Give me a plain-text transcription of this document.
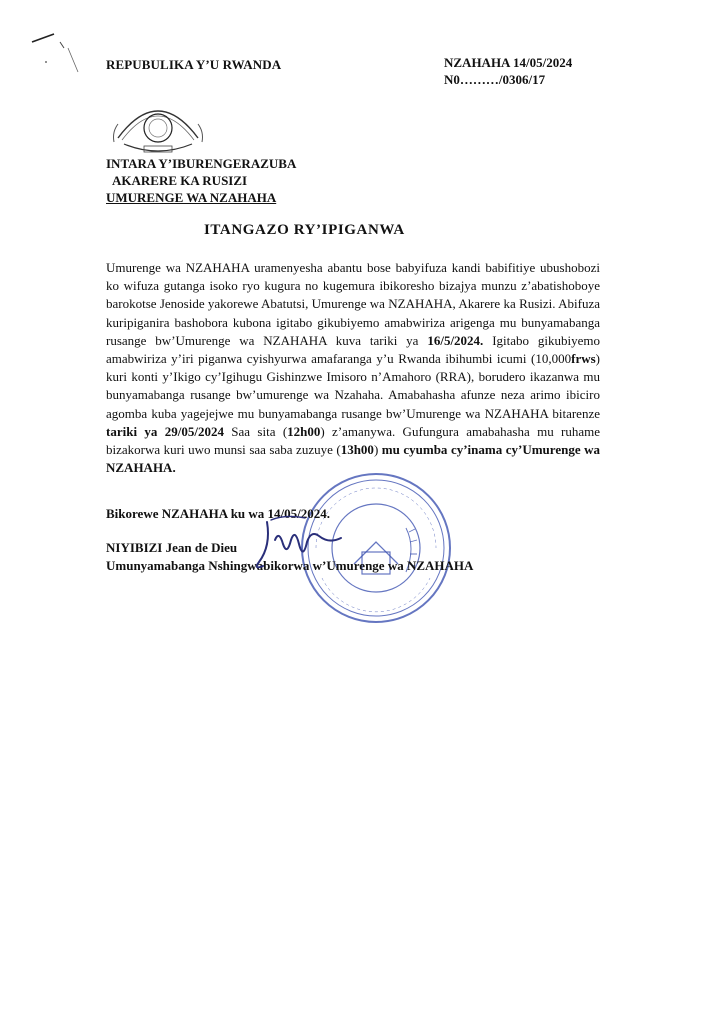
REPUBULIKA Y’U RWANDA	NZAHAHA 14/05/2024
N0………/0306/17
INTARA Y’IBURENGERAZUBA
AKARERE KA RUSIZI
UMURENGE WA NZAHAHA
ITANGAZO RY’IPIGANWA
Umurenge wa NZAHAHA uramenyesha abantu bose babyifuza kandi babifitiye ubushobozi ko wifuza gutanga isoko ryo kugura no kugemura ibikoresho bizajya munzu z’abatishoboye barokotse Jenoside yakorewe Abatutsi, Umurenge wa NZAHAHA, Akarere ka Rusizi. Abifuza kuripiganira bashobora kubona igitabo gikubiyemo amabwiriza arigenga mu bunyamabanga rusange bw’Umurenge wa NZAHAHA kuva tariki ya 16/5/2024. Igitabo gikubiyemo amabwiriza y’iri piganwa cyishyurwa amafaranga y’u Rwanda ibihumbi icumi (10,000frws) kuri konti y’Ikigo cy’Igihugu Gishinzwe Imisoro n’Amahoro (RRA), borudero ikazanwa mu bunyamabanga rusange bw’umurenge wa Nzahaha. Amabahasha afunze neza arimo ibiciro agomba kuba yagejejwe mu bunyamabanga rusange bw’Umurenge wa NZAHAHA bitarenze tariki ya 29/05/2024 Saa sita (12h00) z’amanywa. Gufungura amabahasha mu ruhame bizakorwa kuri uwo munsi saa saba zuzuye (13h00) mu cyumba cy’inama cy’Umurenge wa NZAHAHA.
Bikorewe NZAHAHA ku wa 14/05/2024.
NIYIBIZI Jean de Dieu
Umunyamabanga Nshingwabikorwa w’Umurenge wa NZAHAHA
